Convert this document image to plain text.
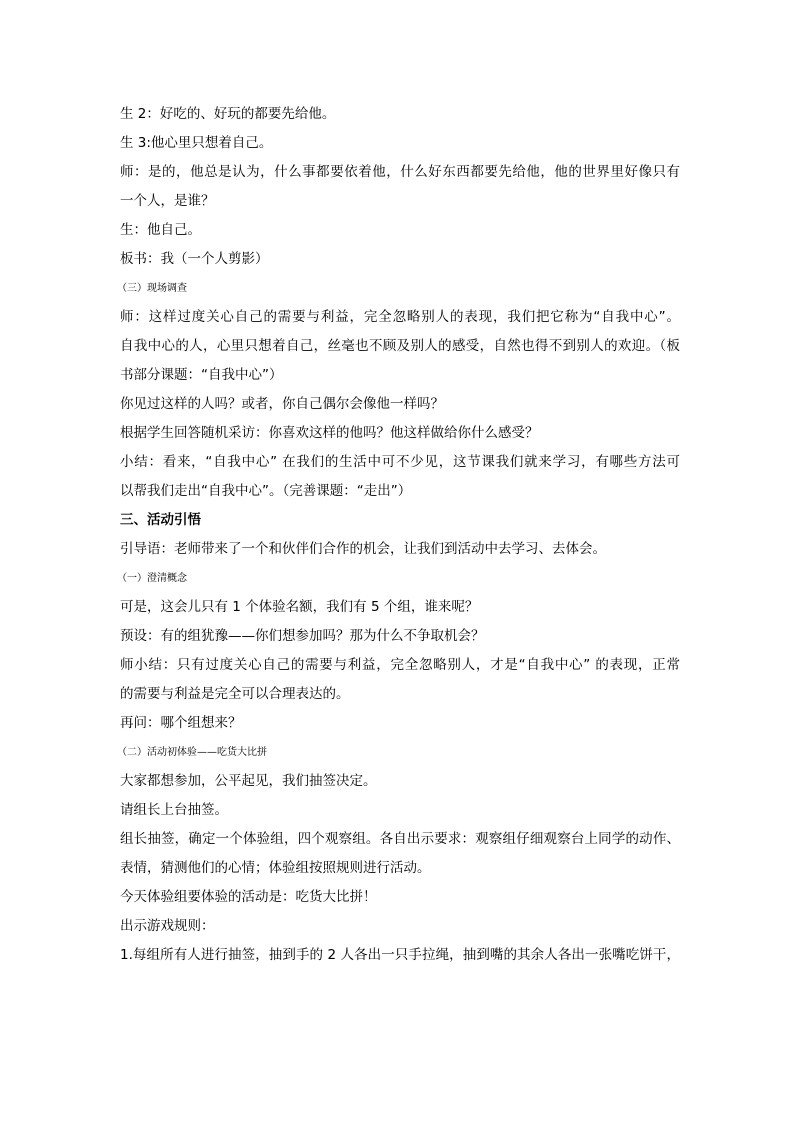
生 2：好吃的、好玩的都要先给他。
生 3:他心里只想着自己。
师：是的，他总是认为，什么事都要依着他，什么好东西都要先给他，他的世界里好像只有
一个人，是谁？
生：他自己。
板书：我（一个人剪影）
（三）现场调查
师：这样过度关心自己的需要与利益，完全忽略别人的表现，我们把它称为“自我中心”。
自我中心的人，心里只想着自己，丝毫也不顾及别人的感受，自然也得不到别人的欢迎。（板
书部分课题：“自我中心”）
你见过这样的人吗？或者，你自己偶尔会像他一样吗？
根据学生回答随机采访：你喜欢这样的他吗？他这样做给你什么感受？
小结：看来，“自我中心” 在我们的生活中可不少见，这节课我们就来学习，有哪些方法可
以帮我们走出“自我中心”。（完善课题：“走出”）
三、活动引悟
引导语：老师带来了一个和伙伴们合作的机会，让我们到活动中去学习、去体会。
（一）澄清概念
可是，这会儿只有 1 个体验名额，我们有 5 个组，谁来呢？
预设：有的组犹豫——你们想参加吗？那为什么不争取机会？
师小结：只有过度关心自己的需要与利益，完全忽略别人，才是“自我中心” 的表现，正常
的需要与利益是完全可以合理表达的。
再问：哪个组想来？
（二）活动初体验——吃货大比拼
大家都想参加，公平起见，我们抽签决定。
请组长上台抽签。
组长抽签，确定一个体验组，四个观察组。各自出示要求：观察组仔细观察台上同学的动作、
表情，猜测他们的心情；体验组按照规则进行活动。
今天体验组要体验的活动是：吃货大比拼！
出示游戏规则：
1.每组所有人进行抽签，抽到手的 2 人各出一只手拉绳，抽到嘴的其余人各出一张嘴吃饼干，
